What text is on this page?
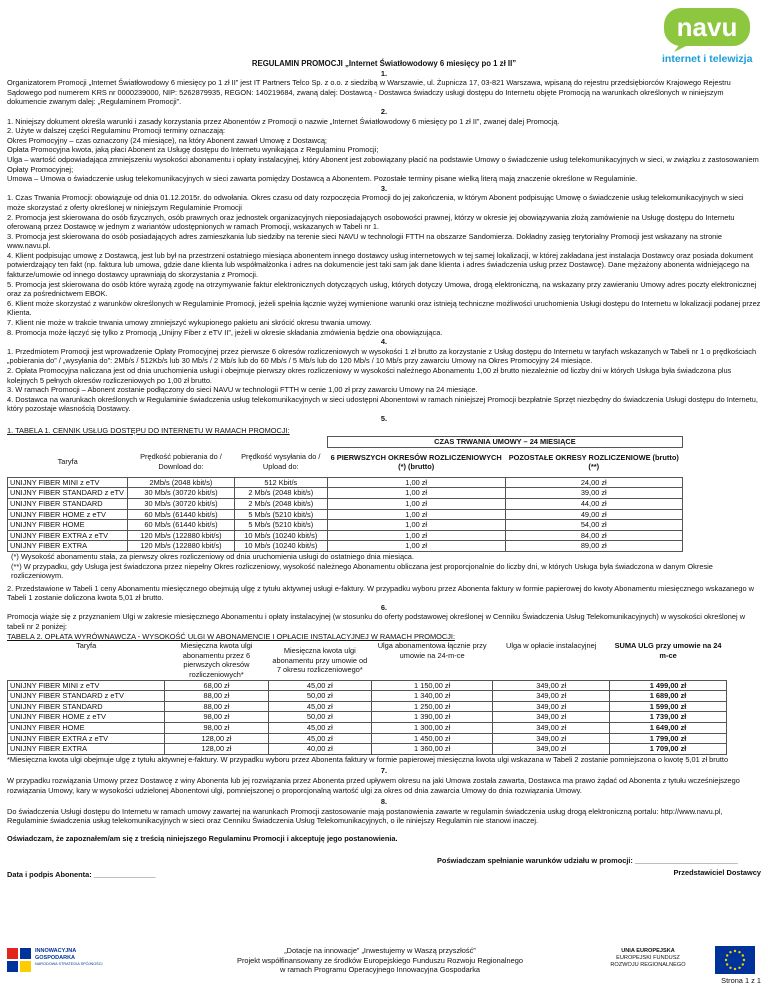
navu
internet i telewizja
REGULAMIN PROMOCJI „Internet Światłowodowy 6 miesięcy po 1 zł II”
1.

Organizatorem Promocji „Internet Światłowodowy 6 miesięcy po 1 zł II” jest IT Partners Telco Sp. z o.o. z siedzibą w Warszawie, ul. Żupnicza 17, 03-821 Warszawa, wpisaną do rejestru przedsiębiorców Krajowego Rejestru Sądowego pod numerem KRS nr 0000239000, NIP: 5262879935, REGON: 140219684, zwaną dalej: Dostawcą - Dostawca świadczy usługi dostępu do Internetu objęte Promocją na warunkach określonych w niniejszym dokumencie zwanym dalej: „Regulaminem Promocji”.

2.

1. Niniejszy dokument określa warunki i zasady korzystania przez Abonentów z Promocji o nazwie „Internet Światłowodowy 6 miesięcy po 1 zł II”, zwanej dalej Promocją.

2. Użyte w dalszej części Regulaminu Promocji terminy oznaczają:

Okres Promocyjny – czas oznaczony (24 miesiące), na który Abonent zawarł Umowę z Dostawcą;

Opłata Promocyjna kwota, jaką płaci Abonent za Usługę dostępu do Internetu wynikająca z Regulaminu Promocji;

Ulga – wartość odpowiadająca zmniejszeniu wysokości abonamentu i opłaty instalacyjnej, który Abonent jest zobowiązany płacić na podstawie Umowy o świadczenie usług telekomunikacyjnych w sieci, w związku z zastosowaniem Opłaty Promocyjnej;

Umowa – Umowa o świadczenie usług telekomunikacyjnych w sieci zawarta pomiędzy Dostawcą a Abonentem. Pozostałe terminy pisane wielką literą mają znaczenie określone w Regulaminie.

3.

1. Czas Trwania Promocji: obowiązuje od dnia 01.12.2015r. do odwołania. Okres czasu od daty rozpoczęcia Promocji do jej zakończenia, w którym Abonent podpisując Umowę o świadczenie usług telekomunikacyjnych w sieci może skorzystać z oferty określonej w niniejszym Regulaminie Promocji

2. Promocja jest skierowana do osób fizycznych, osób prawnych oraz jednostek organizacyjnych nieposiadających osobowości prawnej, którzy w okresie jej obowiązywania złożą zamówienie na Usługę dostępu do Internetu oferowaną przez Dostawcę w jednym z wariantów udostępnionych w ramach Promocji, wskazanych w Tabeli nr 1.

3. Promocja jest skierowana do osób posiadających adres zamieszkania lub siedziby na terenie sieci NAVU w technologii FTTH na obszarze Sandomierza. Dokładny zasięg terytorialny Promocji jest wskazany na stronie www.navu.pl.

4. Klient podpisując umowę z Dostawcą, jest lub był na przestrzeni ostatniego miesiąca abonentem innego dostawcy usług internetowych w tej samej lokalizacji, w której zakładana jest instalacja Dostawcy oraz posiada dokument potwierdzający ten fakt (np. faktura lub umowa, gdzie dane klienta lub współmałżonka i adres na dokumencie jest taki sam jak dane klienta i adres świadczenia usług przez Dostawcę). Dane mężażony abonenta widniejącego na fakturze/umowie od innego dostawcy uprawniają do skorzystania z Promocji.

5. Promocja jest skierowana do osób które wyrażą zgodę na otrzymywanie faktur elektronicznych dotyczących usług, których dotyczy Umowa, drogą elektroniczną, na wskazany przy zawieraniu Umowy adres poczty elektronicznej oraz za pośrednictwem EBOK.

6. Klient może skorzystać z warunków określonych w Regulaminie Promocji, jeżeli spełnia łącznie wyżej wymienione warunki oraz istnieją techniczne możliwości uruchomienia Usługi dostępu do Internetu w lokalizacji podanej przez Klienta.

7. Klient nie może w trakcie trwania umowy zmniejszyć wykupionego pakietu ani skrócić okresu trwania umowy.

8. Promocja może łączyć się tylko z Promocją „Unijny Fiber z eTV II”, jeżeli w okresie składania zmówienia będzie ona obowiązująca.

4.

1. Przedmiotem Promocji jest wprowadzenie Opłaty Promocyjnej przez pierwsze 6 okresów rozliczeniowych w wysokości 1 zł brutto za korzystanie z Usług dostępu do Internetu w taryfach wskazanych w Tabeli nr 1 o prędkościach „pobierania do” / „wysyłania do”: 2Mb/s / 512Kb/s lub 30 Mb/s / 2 Mb/s lub do 60 Mb/s / 5 Mb/s lub do 120 Mb/s / 10 Mb/s przy zawarciu Umowy na Okres Promocyjny 24 miesiące.

2. Opłata Promocyjna naliczana jest od dnia uruchomienia usługi i obejmuje pierwszy okres rozliczeniowy w wysokości należnego Abonamentu 1,00 zł brutto niezależnie od liczby dni w których Usługa była świadczona plus kolejnych 5 pełnych okresów rozliczeniowych po 1,00 zł brutto.

3. W ramach Promocji – Abonent zostanie podłączony do sieci NAVU w technologii FTTH w cenie 1,00 zł przy zawarciu Umowy na 24 miesiące.

4. Dostawca na warunkach określonych w Regulaminie świadczenia usług telekomunikacyjnych w sieci udostępni Abonentowi w ramach niniejszej Promocji bezpłatnie Sprzęt niezbędny do świadczenia Usługi dostępu do Internetu, który pozostaje własnością Dostawcy.

5.
1. TABELA 1. CENNIK USŁUG DOSTĘPU DO INTERNETU W RAMACH PROMOCJI:
			CZAS TRWANIA UMOWY – 24 MIESIĄCE	
Taryfa	Prędkość pobierania do / Download do:	Prędkość wysyłania do / Upload do:	6 PIERWSZYCH OKRESÓW ROZLICZENIOWYCH (*) (brutto)	POZOSTAŁE OKRESY ROZLICZENIOWE (brutto) (**)
UNIJNY FIBER MINI z eTV	2Mb/s (2048 kbit/s)	512 Kbit/s	1,00 zł	24,00 zł
UNIJNY FIBER STANDARD z eTV	30 Mb/s (30720 kbit/s)	2 Mb/s (2048 kbit/s)	1,00 zł	39,00 zł
UNIJNY FIBER STANDARD	30 Mb/s (30720 kbit/s)	2 Mb/s (2048 kbit/s)	1,00 zł	44,00 zł
UNIJNY FIBER HOME z eTV	60 Mb/s (61440 kbit/s)	5 Mb/s (5210 kbit/s)	1,00 zł	49,00 zł
UNIJNY FIBER HOME	60 Mb/s (61440 kbit/s)	5 Mb/s (5210 kbit/s)	1,00 zł	54,00 zł
UNIJNY FIBER EXTRA z eTV	120 Mb/s (122880 kbit/s)	10 Mb/s (10240 kbit/s)	1,00 zł	84,00 zł
UNIJNY FIBER EXTRA	120 Mb/s (122880 kbit/s)	10 Mb/s (10240 kbit/s)	1,00 zł	89,00 zł

(*) Wysokość abonamentu stała, za pierwszy okres rozliczeniowy od dnia uruchomienia usługi do ostatniego dnia miesiąca.

(**) W przypadku, gdy Usługa jest świadczona przez niepełny Okres rozliczeniowy, wysokość należnego Abonamentu obliczana jest proporcjonalnie do liczby dni, w których Usługa była świadczona w danym Okresie rozliczeniowym.

2. Przedstawione w Tabeli 1 ceny Abonamentu miesięcznego obejmują ulgę z tytułu aktywnej usługi e-faktury. W przypadku wyboru przez Abonenta faktury w formie papierowej do kwoty Abonamentu miesięcznego wskazanego w Tabeli 1 zostanie doliczona kwota 5,01 zł brutto.

6.

Promocja wiąże się z przyznaniem Ulgi w zakresie miesięcznego Abonamentu i opłaty instalacyjnej (w stosunku do oferty podstawowej określonej w Cenniku Świadczenia Usług Telekomunikacyjnych) w wysokości określonej w tabeli nr 2 poniżej:

TABELA 2. OPŁATA WYRÓWNAWCZA - WYSOKOŚĆ ULGI W ABONAMENCIE I OPŁACIE INSTALACYJNEJ W RAMACH PROMOCJI:
Taryfa	Miesięczna kwota ulgi abonamentu przez 6 pierwszych okresów rozliczeniowych*	Miesięczna kwota ulgi abonamentu przy umowie od 7 okresu rozliczeniowego*	Ulga abonamentowa łącznie przy umowie na 24-m-ce	Ulga w opłacie instalacyjnej	SUMA ULG przy umowie na 24 m-ce
UNIJNY FIBER MINI z eTV	68,00 zł	45,00 zł	1 150,00 zł	349,00 zł	1 499,00 zł
UNIJNY FIBER STANDARD z eTV	88,00 zł	50,00 zł	1 340,00 zł	349,00 zł	1 689,00 zł
UNIJNY FIBER STANDARD	88,00 zł	45,00 zł	1 250,00 zł	349,00 zł	1 599,00 zł
UNIJNY FIBER HOME z eTV	98,00 zł	50,00 zł	1 390,00 zł	349,00 zł	1 739,00 zł
UNIJNY FIBER HOME	98,00 zł	45,00 zł	1 300,00 zł	349,00 zł	1 649,00 zł
UNIJNY FIBER EXTRA z eTV	128,00 zł	45,00 zł	1 450,00 zł	349,00 zł	1 799,00 zł
UNIJNY FIBER EXTRA	128,00 zł	40,00 zł	1 360,00 zł	349,00 zł	1 709,00 zł

*Miesięczna kwota ulgi obejmuje ulgę z tytułu aktywnej e-faktury. W przypadku wyboru przez Abonenta faktury w formie papierowej miesięczna kwota ulgi wskazana w Tabeli 2 zostanie pomniejszona o kwotę 5,01 zł brutto

7.

W przypadku rozwiązania Umowy przez Dostawcę z winy Abonenta lub jej rozwiązania przez Abonenta przed upływem okresu na jaki Umowa została zawarta, Dostawca ma prawo żądać od Abonenta z tytułu wcześniejszego rozwiązania Umowy, kary w wysokości udzielonej Abonentowi ulgi, pomniejszonej o proporcjonalną wartość ulgi za okres od dnia zawarcia Umowy do dnia rozwiązania Umowy.

8.

Do świadczenia Usługi dostępu do Internetu w ramach umowy zawartej na warunkach Promocji zastosowanie mają postanowienia zawarte w regulamin świadczenia usług drogą elektroniczną portalu: http://www.navu.pl, Regulaminie świadczenia usług telekomunikacyjnych w sieci oraz Cenniku Świadczenia Usług Telekomunikacyjnych, o ile niniejszy Regulamin nie stanowi inaczej.

Oświadczam, że zapoznałem/am się z treścią niniejszego Regulaminu Promocji i akceptuję jego postanowienia.

Data i podpis Abonenta: _______________
Poświadczam spełnianie warunków udziału w promocji: _________________________
Przedstawiciel Dostawcy
INNOWACYJNA
GOSPODARKA
NARODOWA STRATEGIA SPÓJNOŚCI
„Dotacje na innowacje” „Inwestujemy w Waszą przyszłość”
Projekt współfinansowany ze środków Europejskiego Funduszu Rozwoju Regionalnego
w ramach Programu Operacyjnego Innowacyjna Gospodarka
UNIA EUROPEJSKA
EUROPEJSKI FUNDUSZ
ROZWOJU REGIONALNEGO
Strona 1 z 1
